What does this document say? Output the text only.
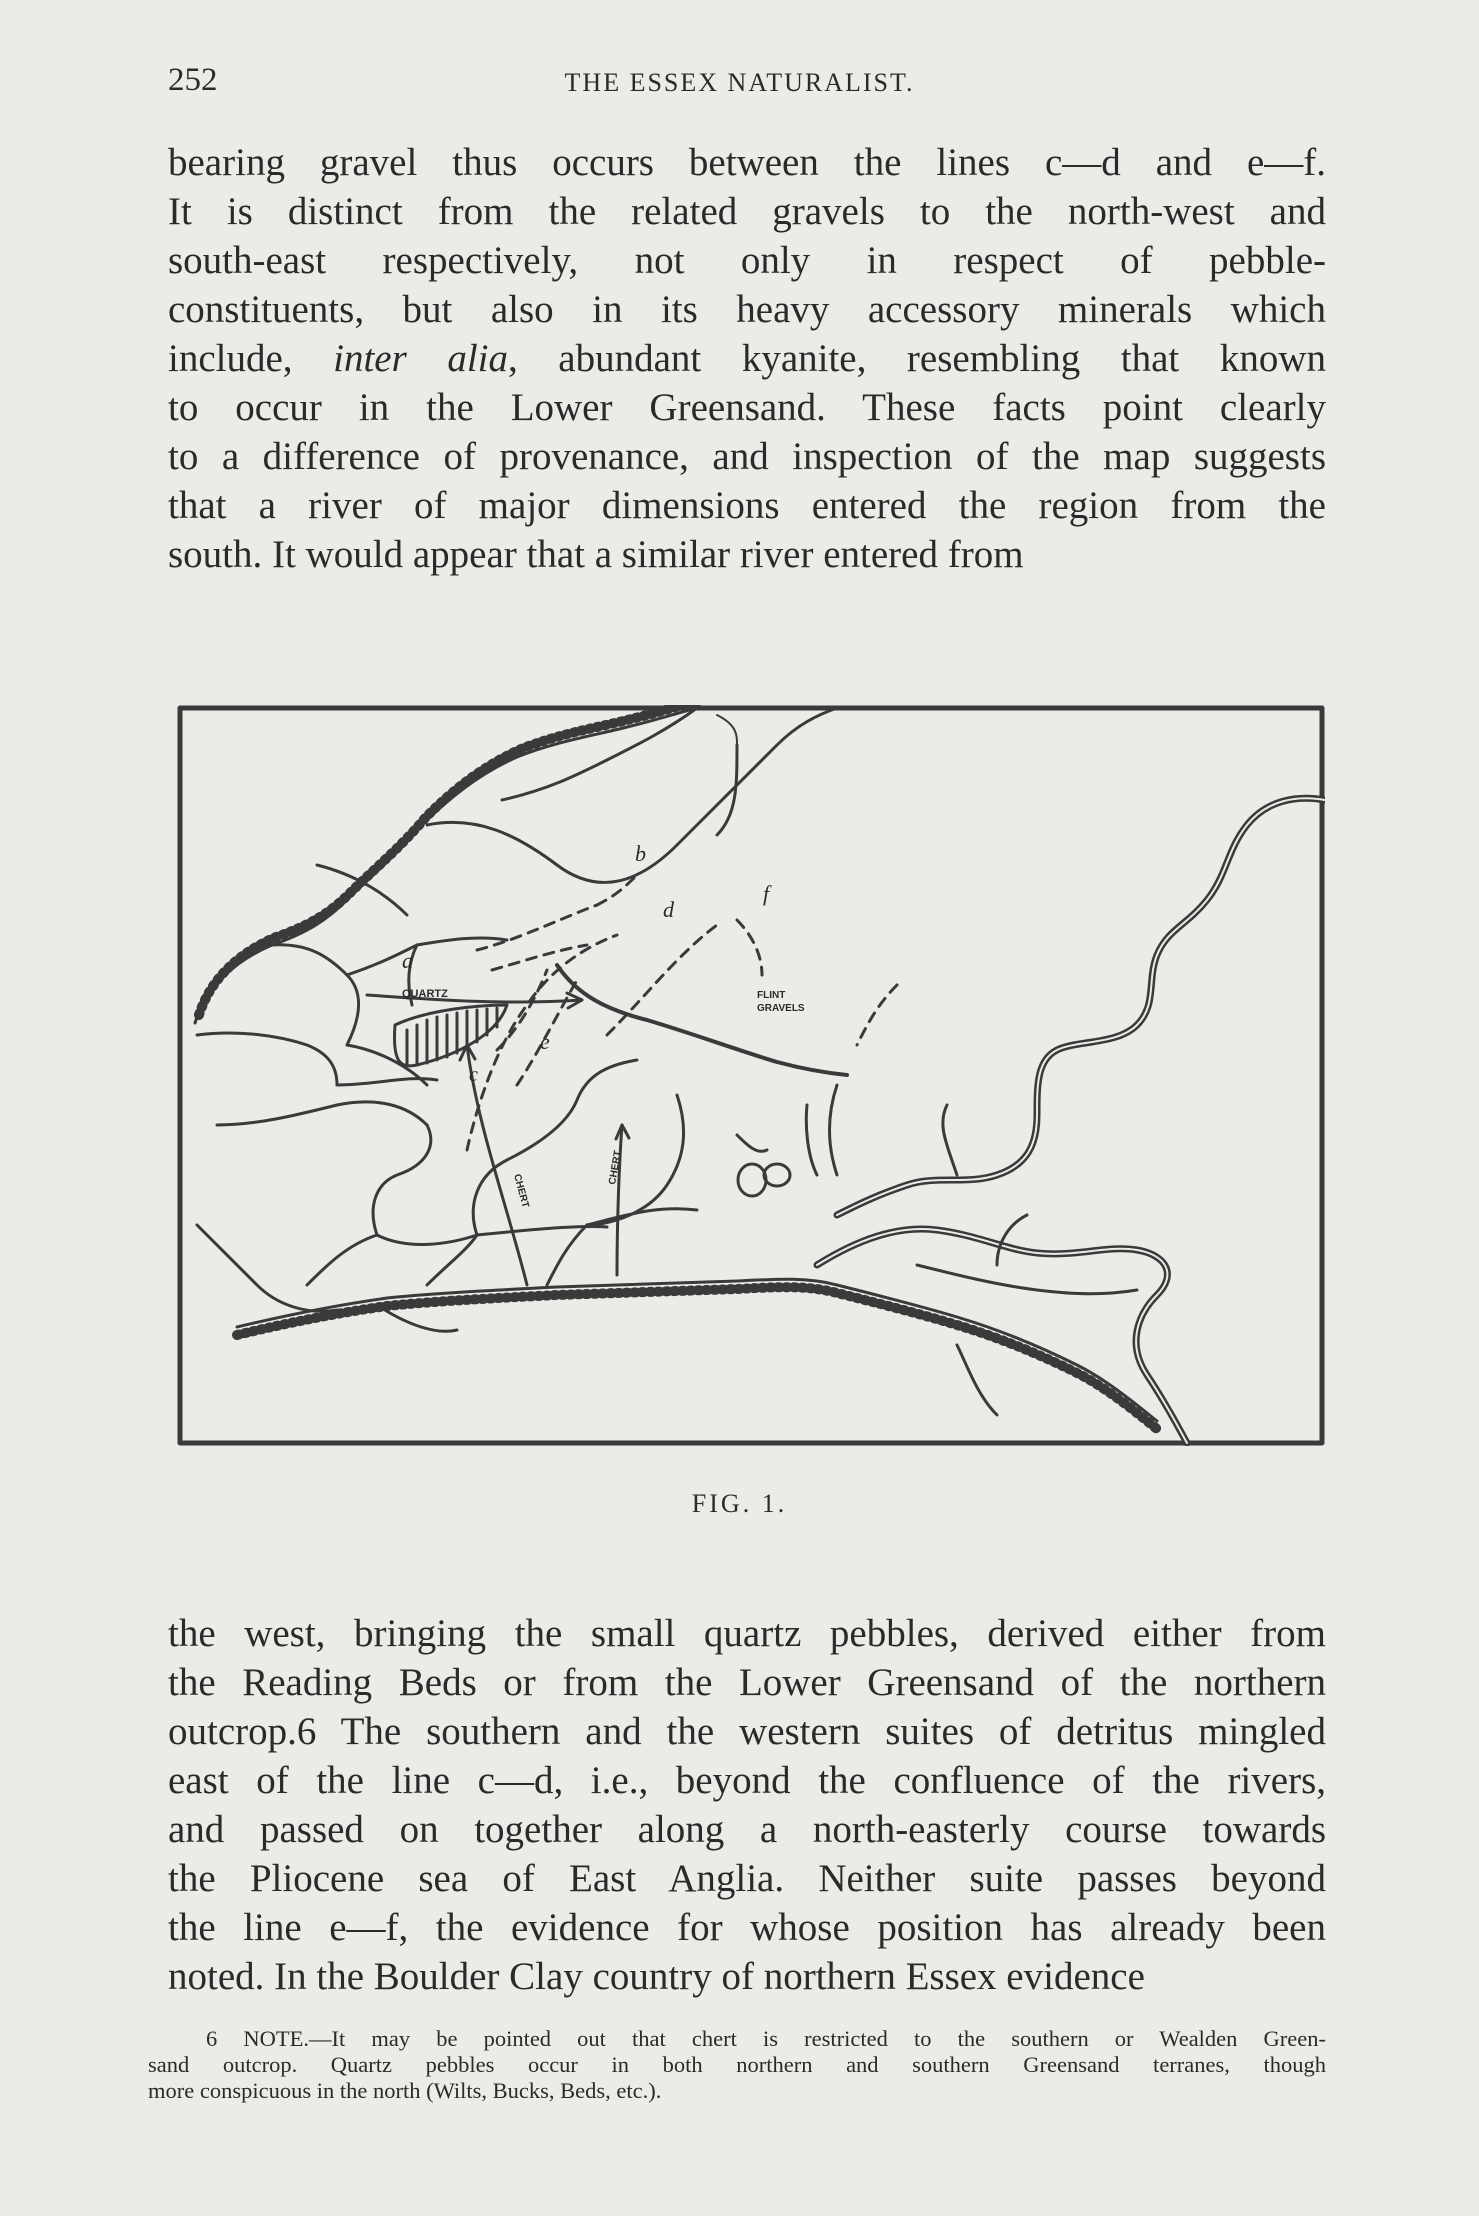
252	THE ESSEX NATURALIST.
bearing gravel thus occurs between the lines c—d and e—f.
It is distinct from the related gravels to the north-west and
south-east respectively, not only in respect of pebble-
constituents, but also in its heavy accessory minerals which
include, inter alia, abundant kyanite, resembling that known
to occur in the Lower Greensand. These facts point clearly
to a difference of provenance, and inspection of the map suggests
that a river of major dimensions entered the region from the
south. It would appear that a similar river entered from
b
a
d
f
c
e
QUARTZ	FLINT
GRAVELS
CHERT
CHERT
FIG. 1.
the west, bringing the small quartz pebbles, derived either from
the Reading Beds or from the Lower Greensand of the northern
outcrop.6 The southern and the western suites of detritus mingled
east of the line c—d, i.e., beyond the confluence of the rivers,
and passed on together along a north-easterly course towards
the Pliocene sea of East Anglia. Neither suite passes beyond
the line e—f, the evidence for whose position has already been
noted. In the Boulder Clay country of northern Essex evidence
6 NOTE.—It may be pointed out that chert is restricted to the southern or Wealden Green-
sand outcrop. Quartz pebbles occur in both northern and southern Greensand terranes, though
more conspicuous in the north (Wilts, Bucks, Beds, etc.).
